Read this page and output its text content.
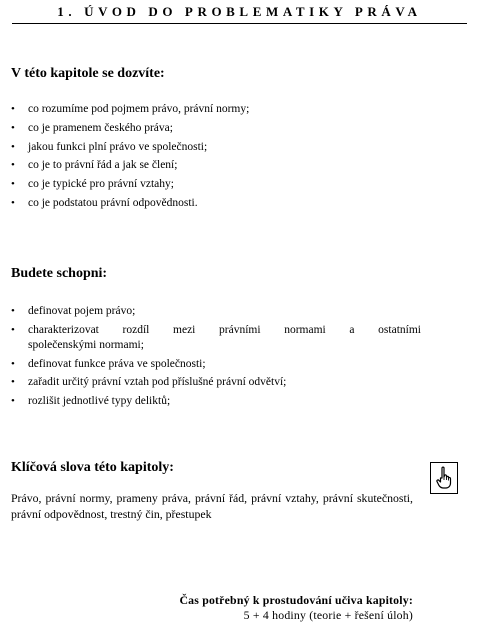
1. ÚVOD DO PROBLEMATIKY PRÁVA
V této kapitole se dozvíte:
• co rozumíme pod pojmem právo, právní normy;
• co je pramenem českého práva;
• jakou funkci plní právo ve společnosti;
• co je to právní řád a jak se člení;
• co je typické pro právní vztahy;
• co je podstatou právní odpovědnosti.
Budete schopni:
• definovat pojem právo;
• charakterizovat rozdíl mezi právními normami a ostatními
společenskými normami;
• definovat funkce práva ve společnosti;
• zařadit určitý právní vztah pod příslušné právní odvětví;
• rozlišit jednotlivé typy deliktů;
Klíčová slova této kapitoly:
Právo, právní normy, prameny práva, právní řád, právní vztahy, právní skutečnosti, právní odpovědnost, trestný čin, přestupek
Čas potřebný k prostudování učiva kapitoly:
5 + 4 hodiny (teorie + řešení úloh)
